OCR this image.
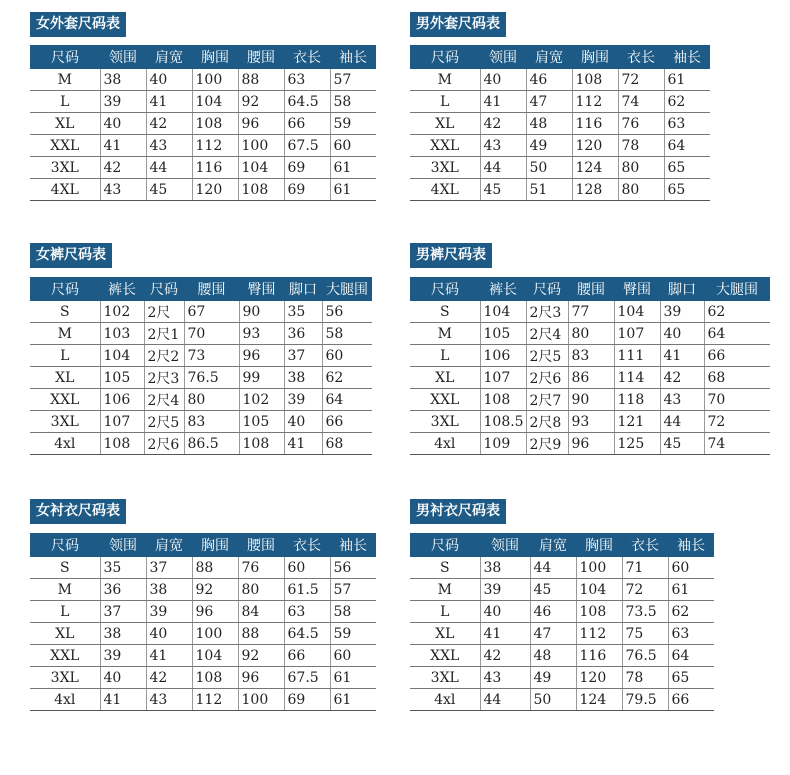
女外套尺码表
尺码	领围	肩宽	胸围	腰围	衣长	袖长
M	38	40	100	88	63	57
L	39	41	104	92	64.5	58
XL	40	42	108	96	66	59
XXL	41	43	112	100	67.5	60
3XL	42	44	116	104	69	61
4XL	43	45	120	108	69	61
男外套尺码表
尺码	领围	肩宽	胸围	衣长	袖长
M	40	46	108	72	61
L	41	47	112	74	62
XL	42	48	116	76	63
XXL	43	49	120	78	64
3XL	44	50	124	80	65
4XL	45	51	128	80	65
女裤尺码表
尺码	裤长	尺码	腰围	臀围	脚口	大腿围
S	102	2尺	67	90	35	56
M	103	2尺1	70	93	36	58
L	104	2尺2	73	96	37	60
XL	105	2尺3	76.5	99	38	62
XXL	106	2尺4	80	102	39	64
3XL	107	2尺5	83	105	40	66
4xl	108	2尺6	86.5	108	41	68
男裤尺码表
尺码	裤长	尺码	腰围	臀围	脚口	大腿围
S	104	2尺3	77	104	39	62
M	105	2尺4	80	107	40	64
L	106	2尺5	83	111	41	66
XL	107	2尺6	86	114	42	68
XXL	108	2尺7	90	118	43	70
3XL	108.5	2尺8	93	121	44	72
4xl	109	2尺9	96	125	45	74
女衬衣尺码表
尺码	领围	肩宽	胸围	腰围	衣长	袖长
S	35	37	88	76	60	56
M	36	38	92	80	61.5	57
L	37	39	96	84	63	58
XL	38	40	100	88	64.5	59
XXL	39	41	104	92	66	60
3XL	40	42	108	96	67.5	61
4xl	41	43	112	100	69	61
男衬衣尺码表
尺码	领围	肩宽	胸围	衣长	袖长
S	38	44	100	71	60
M	39	45	104	72	61
L	40	46	108	73.5	62
XL	41	47	112	75	63
XXL	42	48	116	76.5	64
3XL	43	49	120	78	65
4xl	44	50	124	79.5	66
